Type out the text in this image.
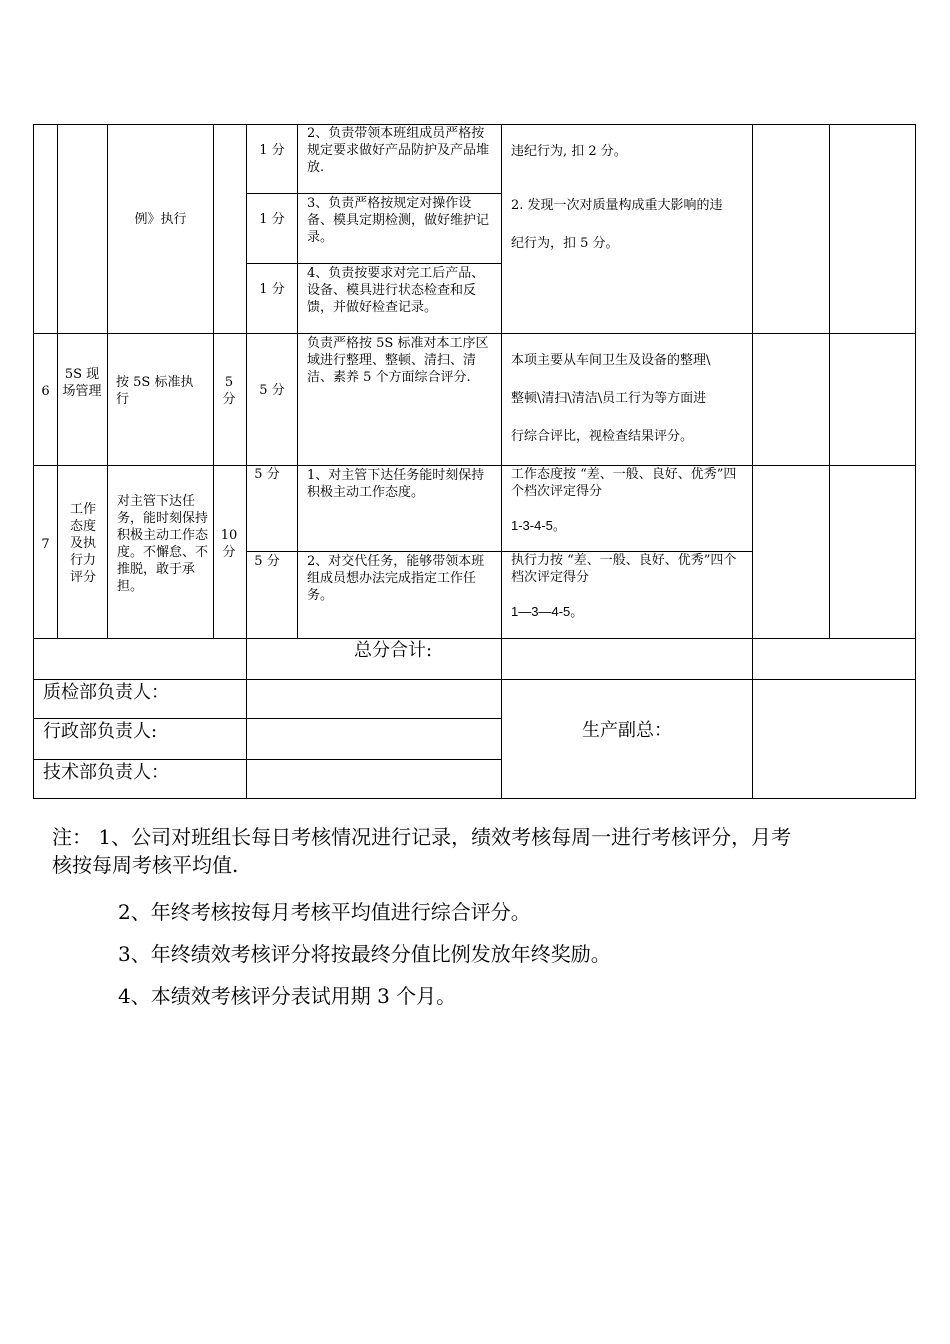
例》执行
1 分
2、负责带领本班组成员严格按规定要求做好产品防护及产品堆放.
1 分
3、负责严格按规定对操作设备、模具定期检测，做好维护记录。
1 分
4、负责按要求对完工后产品、设备、模具进行状态检查和反馈，并做好检查记录。
违纪行为, 扣 2 分。
2. 发现一次对质量构成重大影响的违
纪行为，扣 5 分。
6
5S 现场管理
按 5S 标准执行
5 分
5 分
负责严格按 5S 标准对本工序区域进行整理、整顿、清扫、清洁、素养 5 个方面综合评分.
本项主要从车间卫生及设备的整理\
整顿\清扫\清洁\员工行为等方面进
行综合评比，视检查结果评分。
7
工作态度及执行力评分
对主管下达任务，能时刻保持积极主动工作态度。不懈怠、不推脱，敢于承担。
10 分
5 分	1、对主管下达任务能时刻保持积极主动工作态度。
工作态度按 “差、一般、良好、优秀”四个档次评定得分
1-3-4-5。
5 分	2、对交代任务，能够带领本班组成员想办法完成指定工作任务。
执行力按 “差、一般、良好、优秀”四个档次评定得分
1—3—4-5。
总分合计:
质检部负责人：
行政部负责人:
技术部负责人：
生产副总：
注： 1、公司对班组长每日考核情况进行记录，绩效考核每周一进行考核评分，月考
核按每周考核平均值.
2、年终考核按每月考核平均值进行综合评分。
3、年终绩效考核评分将按最终分值比例发放年终奖励。
4、本绩效考核评分表试用期 3 个月。
